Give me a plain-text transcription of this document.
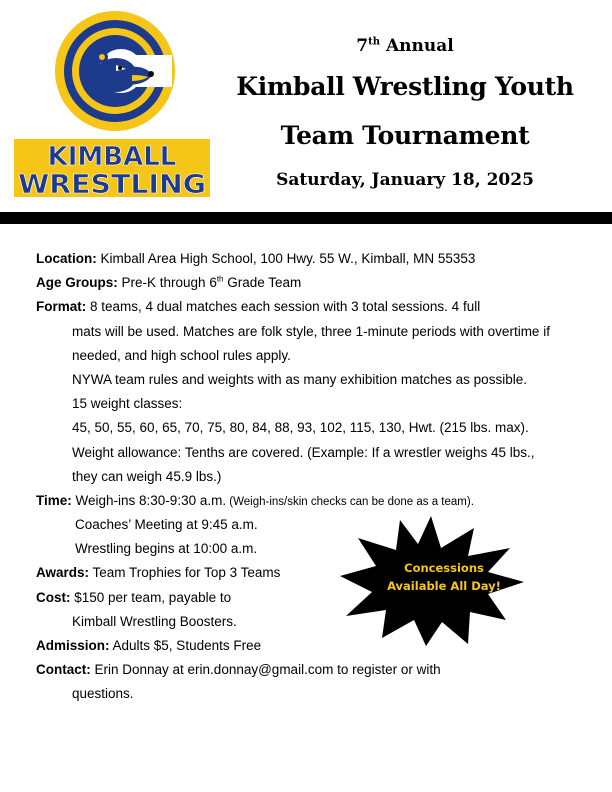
C
KIMBALL
WRESTLING
7th Annual
Kimball Wrestling Youth
Team Tournament
Saturday, January 18, 2025
Location: Kimball Area High School, 100 Hwy. 55 W., Kimball, MN 55353
Age Groups: Pre-K through 6th Grade Team
Format: 8 teams, 4 dual matches each session with 3 total sessions. 4 full
mats will be used. Matches are folk style, three 1-minute periods with overtime if
needed, and high school rules apply.
NYWA team rules and weights with as many exhibition matches as possible.
15 weight classes:
45, 50, 55, 60, 65, 70, 75, 80, 84, 88, 93, 102, 115, 130, Hwt. (215 lbs. max).
Weight allowance: Tenths are covered. (Example: If a wrestler weighs 45 lbs.,
they can weigh 45.9 lbs.)
Time: Weigh-ins 8:30-9:30 a.m. (Weigh-ins/skin checks can be done as a team).
Coaches’ Meeting at 9:45 a.m.
Wrestling begins at 10:00 a.m.
Awards: Team Trophies for Top 3 Teams
Cost: $150 per team, payable to
Kimball Wrestling Boosters.
Admission: Adults $5, Students Free
Contact: Erin Donnay at erin.donnay@gmail.com to register or with
questions.
Concessions
Available All Day!
